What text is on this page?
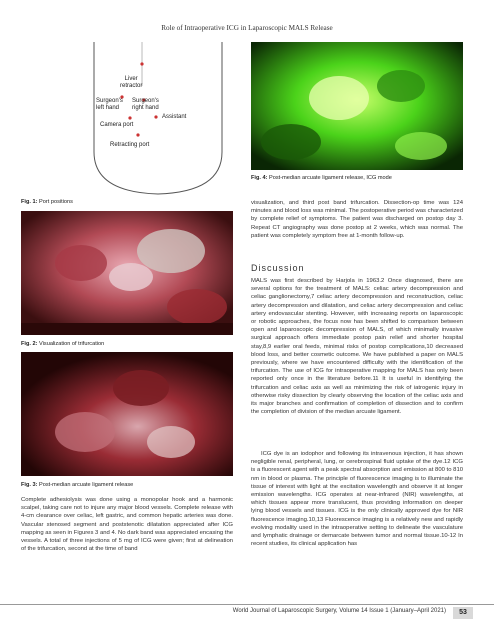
Role of Intraoperative ICG in Laparoscopic MALS Release
Liver
retractor
Surgeon's
left hand
Surgeon's
right hand
Assistant
Camera port
Retracting port
Fig. 1: Port positions
Fig. 2: Visualization of trifurcation
Fig. 3: Post-median arcuate ligament release
Fig. 4: Post-median arcuate ligament release, ICG mode

Complete adhesiolysis was done using a monopolar hook and a harmonic scalpel, taking care not to injure any major blood vessels. Complete release with 4-cm clearance over celiac, left gastric, and common hepatic arteries was done. Vascular stenosed segment and poststenotic dilatation appreciated after ICG mapping as seen in Figures 3 and 4. No dark band was appreciated encasing the vessels. A total of three injections of 5 mg of ICG were given; first at delineation of the trifurcation, second at the time of band

visualization, and third post band trifurcation. Dissection-op time was 124 minutes and blood loss was minimal. The postoperative period was characterized by complete relief of symptoms. The patient was discharged on postop day 3. Repeat CT angiography was done postop at 2 weeks, which was normal. The patient was completely symptom free at 1-month follow-up.

Discussion

MALS was first described by Harjola in 1963.2 Once diagnosed, there are several options for the treatment of MALS: celiac artery decompression and celiac ganglionectomy,7 celiac artery decompression and reconstruction, celiac artery decompression and dilatation, and celiac artery decompression and celiac artery endovascular stenting. However, with increasing reports on laparoscopic or robotic approaches, the focus now has been shifted to comparison between open and laparoscopic decompression of MALS, of which minimally invasive surgical approach offers immediate postop pain relief and shorter hospital stay,8,9 earlier oral feeds, minimal risks of postop complications,10 decreased blood loss, and better cosmetic outcome. We have published a paper on MALS previously, where we have encountered difficulty with the identification of the trifurcation. The use of ICG for intraoperative mapping for MALS has only been reported only once in the literature before.11 It is useful in identifying the trifurcation and celiac axis as well as minimizing the risk of iatrogenic injury in otherwise risky dissection by clearly observing the location of the celiac axis and its major branches and confirmation of completion of dissection and to confirm the completion of division of the median arcuate ligament.

ICG dye is an iodophor and following its intravenous injection, it has shown negligible renal, peripheral, lung, or cerebrospinal fluid uptake of the dye.12 ICG is a fluorescent agent with a peak spectral absorption and emission at 800 to 810 nm in blood or plasma. The principle of fluorescence imaging is to illuminate the tissue of interest with light at the excitation wavelength and observe it at longer emission wavelengths. ICG operates at near-infrared (NIR) wavelengths, at which tissues appear more translucent, thus providing information on deeper lying blood vessels and tissues. ICG is the only clinically approved dye for NIR fluorescence imaging.10,13 Fluorescence imaging is a relatively new and rapidly evolving modality used in the intraoperative setting to delineate the vasculature and lymphatic drainage or demarcate between tumor and normal tissue.10-12 In recent studies, its clinical application has

World Journal of Laparoscopic Surgery, Volume 14 Issue 1 (January–April 2021)	53
